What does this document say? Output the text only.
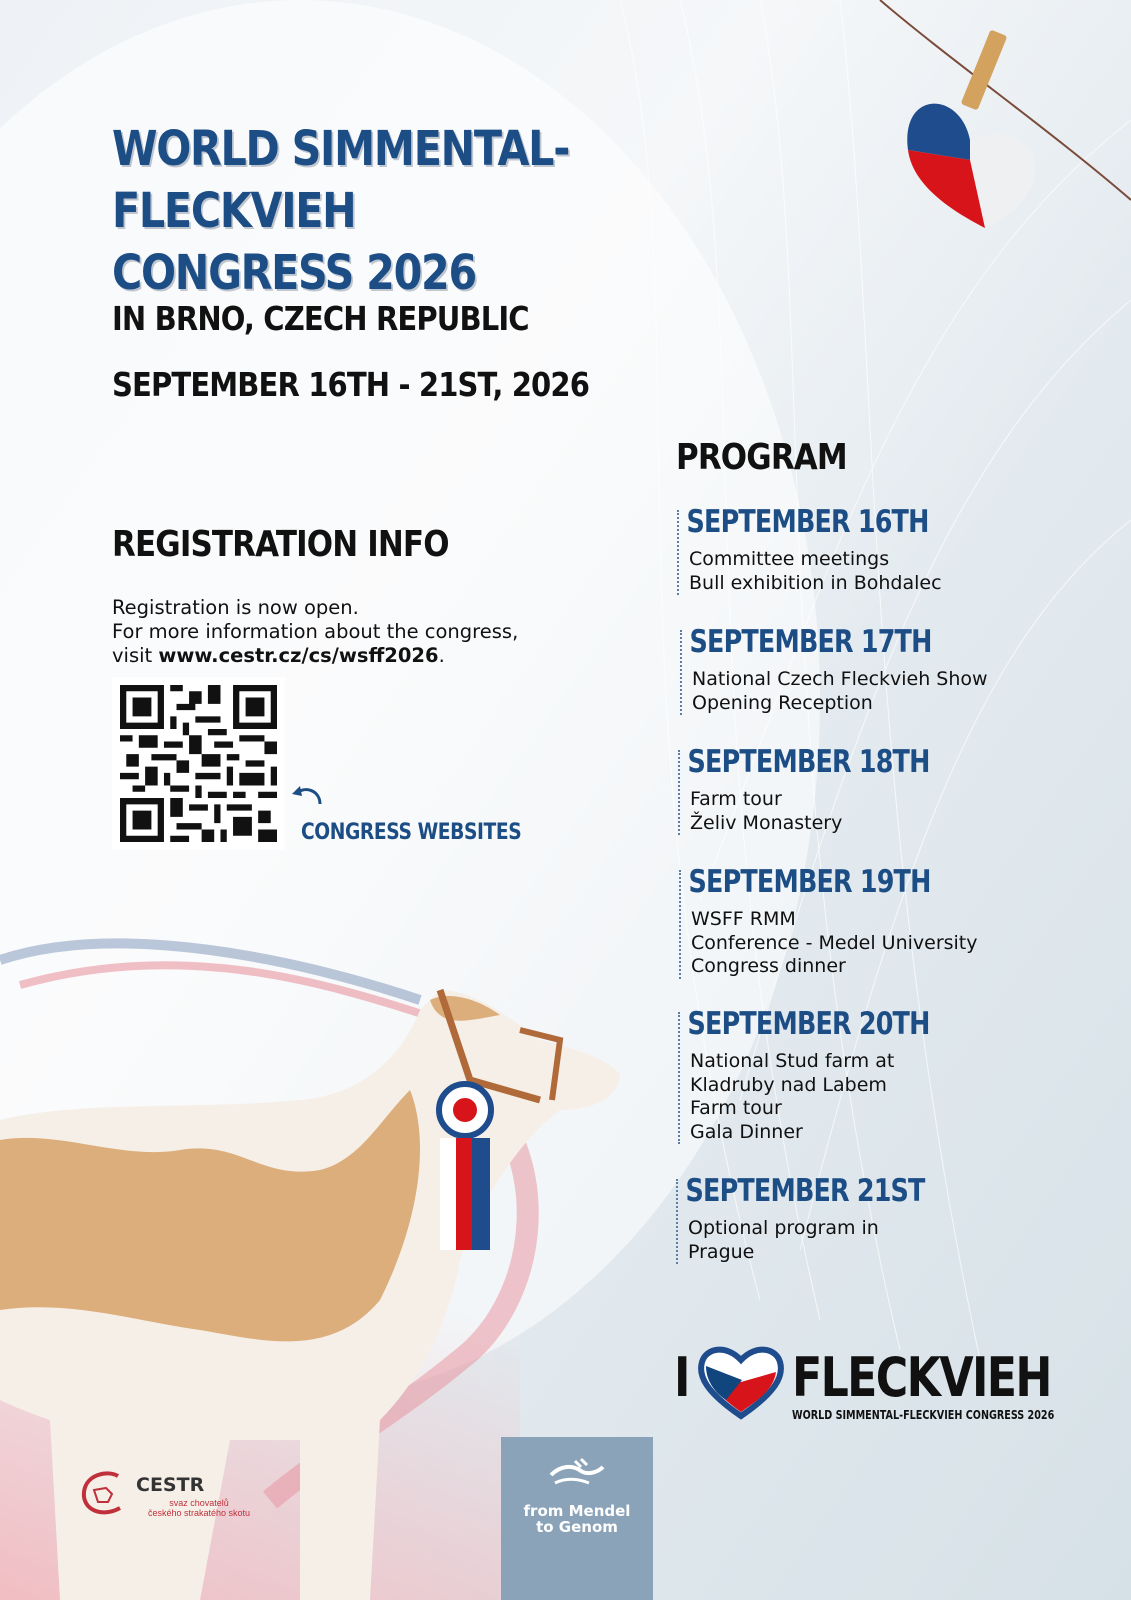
WORLD SIMMENTAL-FLECKVIEH
CONGRESS 2026
IN BRNO, CZECH REPUBLIC
SEPTEMBER 16TH - 21ST, 2026
REGISTRATION INFO
Registration is now open.
For more information about the congress,
visit www.cestr.cz/cs/wsff2026.
CONGRESS WEBSITES
PROGRAM
SEPTEMBER 16TH
Committee meetings
Bull exhibition in Bohdalec
SEPTEMBER 17TH
National Czech Fleckvieh Show
Opening Reception
SEPTEMBER 18TH
Farm tour
Želiv Monastery
SEPTEMBER 19TH
WSFF RMM
Conference - Medel University
Congress dinner
SEPTEMBER 20TH
National Stud farm at
Kladruby nad Labem
Farm tour
Gala Dinner
SEPTEMBER 21ST
Optional program in
Prague
I FLECKVIEH
WORLD SIMMENTAL-FLECKVIEH CONGRESS 2026
CESTR
svaz chovatelů
českého strakatého skotu	from Mendel
to Genom
